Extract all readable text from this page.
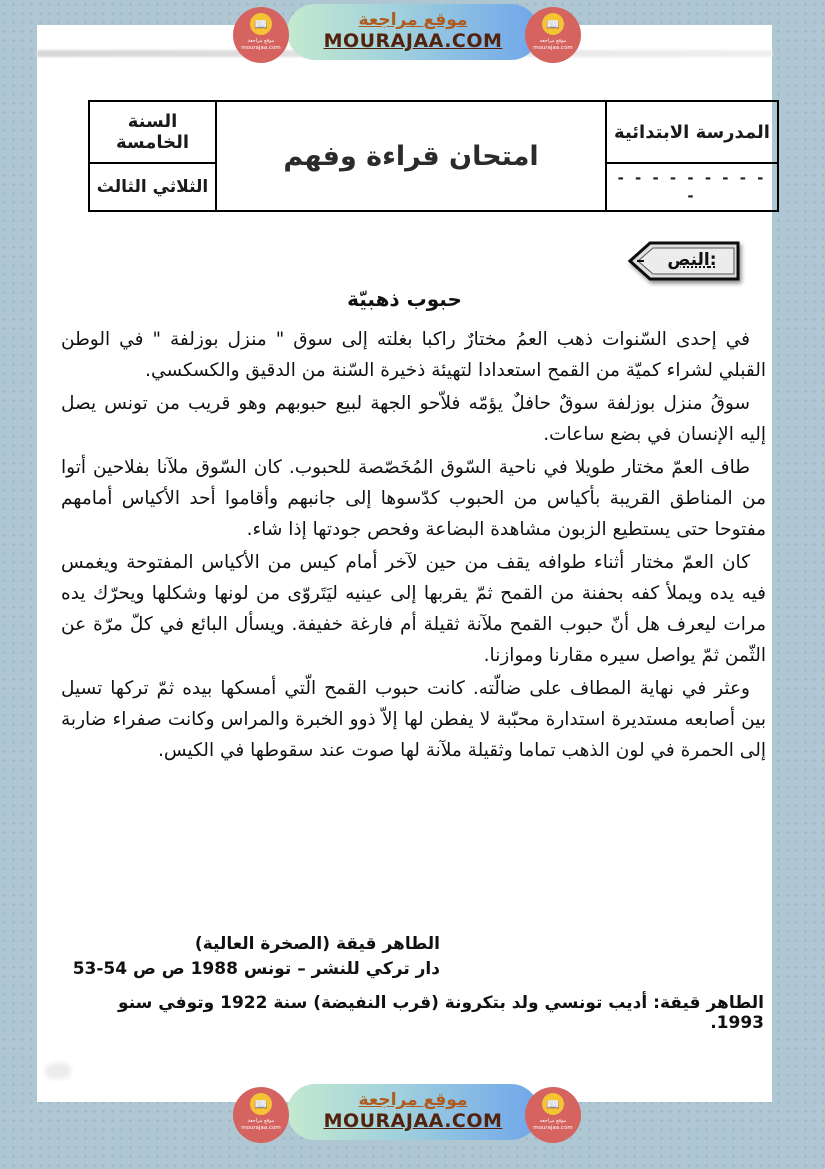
موقع مراجعة
MOURAJAA.COM
📖
موقع مراجعة
mourajaa.com
📖
موقع مراجعة
mourajaa.com
المدرسة الابتدائية	امتحان قراءة وفهم	السنة الخامسة
- - - - - - - - - -		الثلاثي الثالث
النص:
حبوب ذهبيّة

في إحدى السّنوات ذهب العمُ مختارٌ راكبا بغلته إلى سوق " منزل بوزلفة " في الوطن القبلي لشراء كميّة من القمح استعدادا لتهيئة ذخيرة السّنة من الدقيق والكسكسي.

سوقُ منزل بوزلفة سوقٌ حافلٌ يؤمّه فلاّحو الجهة لبيع حبوبهم وهو قريب من تونس يصل إليه الإنسان في بضع ساعات.

طاف العمّ مختار طويلا في ناحية السّوق المُخَصّصة للحبوب. كان السّوق ملآنا بفلاحين أتوا من المناطق القريبة بأكياس من الحبوب كدّسوها إلى جانبهم وأقاموا أحد الأكياس أمامهم مفتوحا حتى يستطيع الزبون مشاهدة البضاعة وفحص جودتها إذا شاء.

كان العمّ مختار أثناء طوافه يقف من حين لآخر أمام كيس من الأكياس المفتوحة ويغمس فيه يده ويملأ كفه بحفنة من القمح ثمّ يقربها إلى عينيه ليَتَروّى من لونها وشكلها ويحرّك يده مرات ليعرف هل أنّ حبوب القمح ملآنة ثقيلة أم فارغة خفيفة. ويسأل البائع في كلّ مرّة عن الثّمن ثمّ يواصل سيره مقارنا وموازنا.

وعثر في نهاية المطاف على ضالّته. كانت حبوب القمح الّتي أمسكها بيده ثمّ تركها تسيل بين أصابعه مستديرة استدارة محبّبة لا يفطن لها إلاّ ذوو الخبرة والمراس وكانت صفراء ضاربة إلى الحمرة في لون الذهب تماما وثقيلة ملآنة لها صوت عند سقوطها في الكيس.

الطاهر قيقة (الصخرة العالية)
دار تركي للنشر – تونس 1988 ص ص 54-53
الطاهر قيقة: أديب تونسي ولد بتكرونة (قرب النفيضة) سنة 1922 وتوفي سنو 1993.
موقع مراجعة
MOURAJAA.COM
📖
موقع مراجعة
mourajaa.com
📖
موقع مراجعة
mourajaa.com
